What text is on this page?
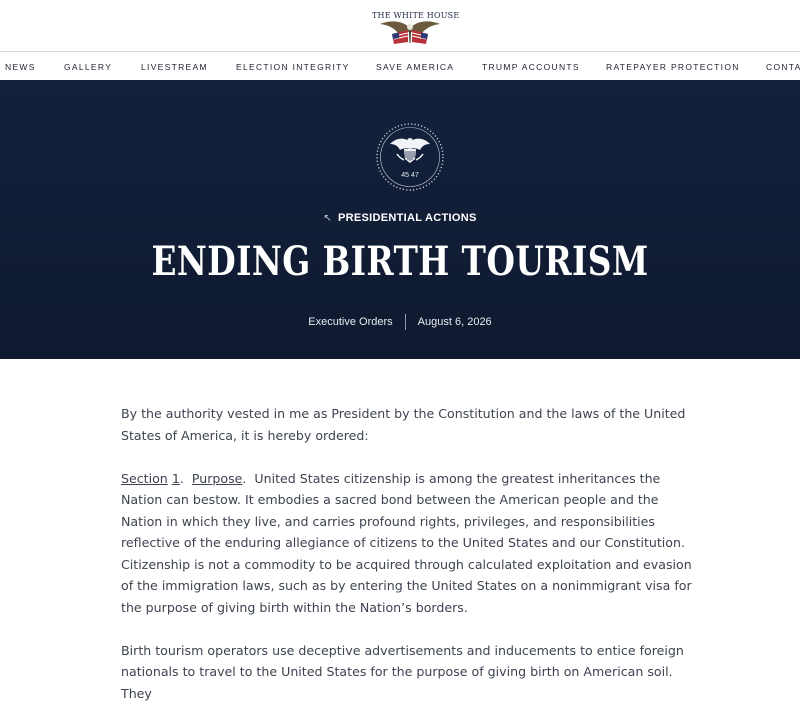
THE WHITE HOUSE
NEWS	GALLERY	LIVESTREAM	ELECTION INTEGRITY	SAVE AMERICA	TRUMP ACCOUNTS	RATEPAYER PROTECTION	CONTA
45 47
↖ PRESIDENTIAL ACTIONS
ENDING BIRTH TOURISM
Executive Orders August 6, 2026

By the authority vested in me as President by the Constitution and the laws of the United States of America, it is hereby ordered:

Section 1.  Purpose.  United States citizenship is among the greatest inheritances the Nation can bestow. It embodies a sacred bond between the American people and the Nation in which they live, and carries profound rights, privileges, and responsibilities reflective of the enduring allegiance of citizens to the United States and our Constitution. Citizenship is not a commodity to be acquired through calculated exploitation and evasion of the immigration laws, such as by entering the United States on a nonimmigrant visa for the purpose of giving birth within the Nation’s borders.

Birth tourism operators use deceptive advertisements and inducements to entice foreign nationals to travel to the United States for the purpose of giving birth on American soil. They
